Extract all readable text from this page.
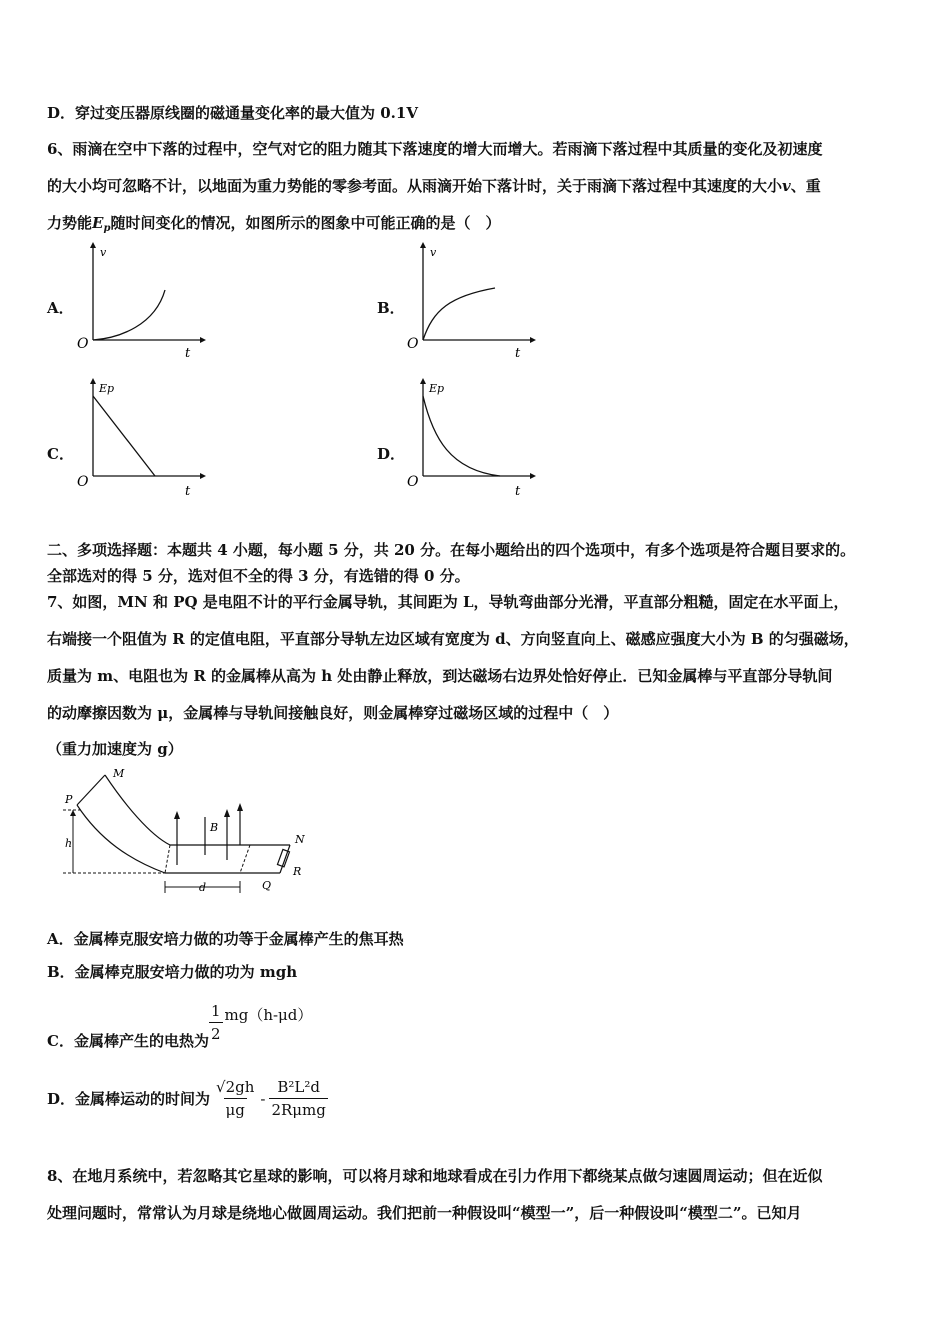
D．穿过变压器原线圈的磁通量变化率的最大值为 0.1V
6、雨滴在空中下落的过程中，空气对它的阻力随其下落速度的增大而增大。若雨滴下落过程中其质量的变化及初速度
的大小均可忽略不计，以地面为重力势能的零参考面。从雨滴开始下落计时，关于雨滴下落过程中其速度的大小v、重
力势能$E_p$随时间变化的情况，如图所示的图象中可能正确的是（　）
A．
v
O
t
B．
v
O
t
C．
Ep
O
t
D．
Ep
O
t
二、多项选择题：本题共 4 小题，每小题 5 分，共 20 分。在每小题给出的四个选项中，有多个选项是符合题目要求的。
全部选对的得 5 分，选对但不全的得 3 分，有选错的得 0 分。
7、如图，MN 和 PQ 是电阻不计的平行金属导轨，其间距为 L，导轨弯曲部分光滑，平直部分粗糙，固定在水平面上，
右端接一个阻值为 R 的定值电阻，平直部分导轨左边区域有宽度为 d、方向竖直向上、磁感应强度大小为 B 的匀强磁场，
质量为 m、电阻也为 R 的金属棒从高为 h 处由静止释放，到达磁场右边界处恰好停止．已知金属棒与平直部分导轨间
的动摩擦因数为 μ，金属棒与导轨间接触良好，则金属棒穿过磁场区域的过程中（　）
（重力加速度为 g）
M
P
N
Q
R
B
h
d
A．金属棒克服安培力做的功等于金属棒产生的焦耳热
B．金属棒克服安培力做的功为 mgh
C．金属棒产生的电热为 $\frac{1}{2} mg(h-\mu d)$
D．金属棒运动的时间为 $\frac{√2gh}{\mu g} - \frac{\text{B²L²d}}{\text{2Rμmg}}$
8、在地月系统中，若忽略其它星球的影响，可以将月球和地球看成在引力作用下都绕某点做匀速圆周运动；但在近似
处理问题时，常常认为月球是绕地心做圆周运动。我们把前一种假设叫“模型一”，后一种假设叫“模型二”。已知月
